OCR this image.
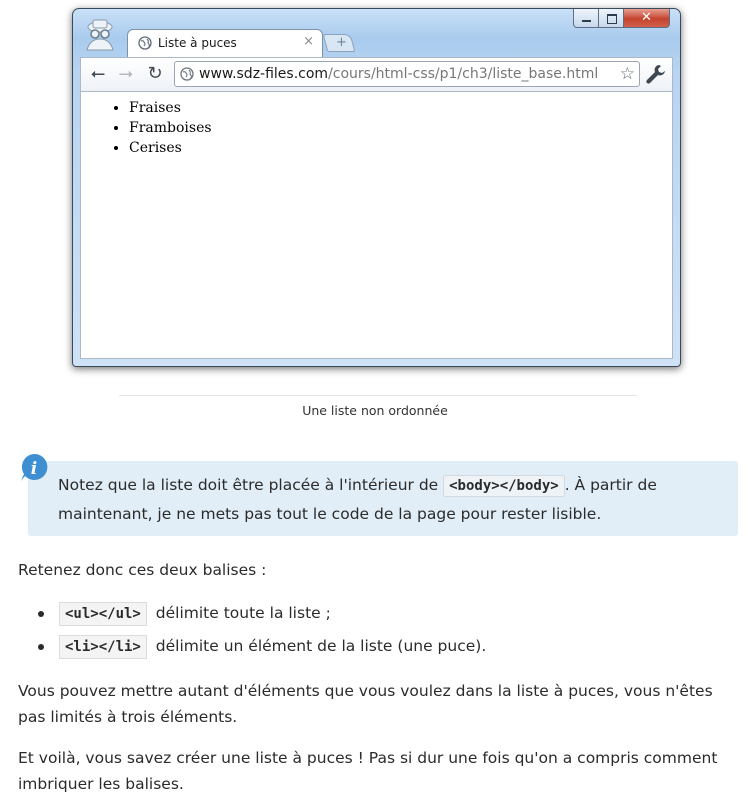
Liste à puces	× +
✕
⭠ ⭢ ↻	www.sdz-files.com/cours/html-css/p1/ch3/liste_base.html ☆
• Fraises
• Framboises
• Cerises
Une liste non ordonnée
i
Notez que la liste doit être placée à l'intérieur de <body></body> . À partir de maintenant, je ne mets pas tout le code de la page pour rester lisible.
Retenez donc ces deux balises :
<ul></ul> délimite toute la liste ;
<li></li> délimite un élément de la liste (une puce).
Vous pouvez mettre autant d'éléments que vous voulez dans la liste à puces, vous n'êtes pas limités à trois éléments.
Et voilà, vous savez créer une liste à puces ! Pas si dur une fois qu'on a compris comment imbriquer les balises.
